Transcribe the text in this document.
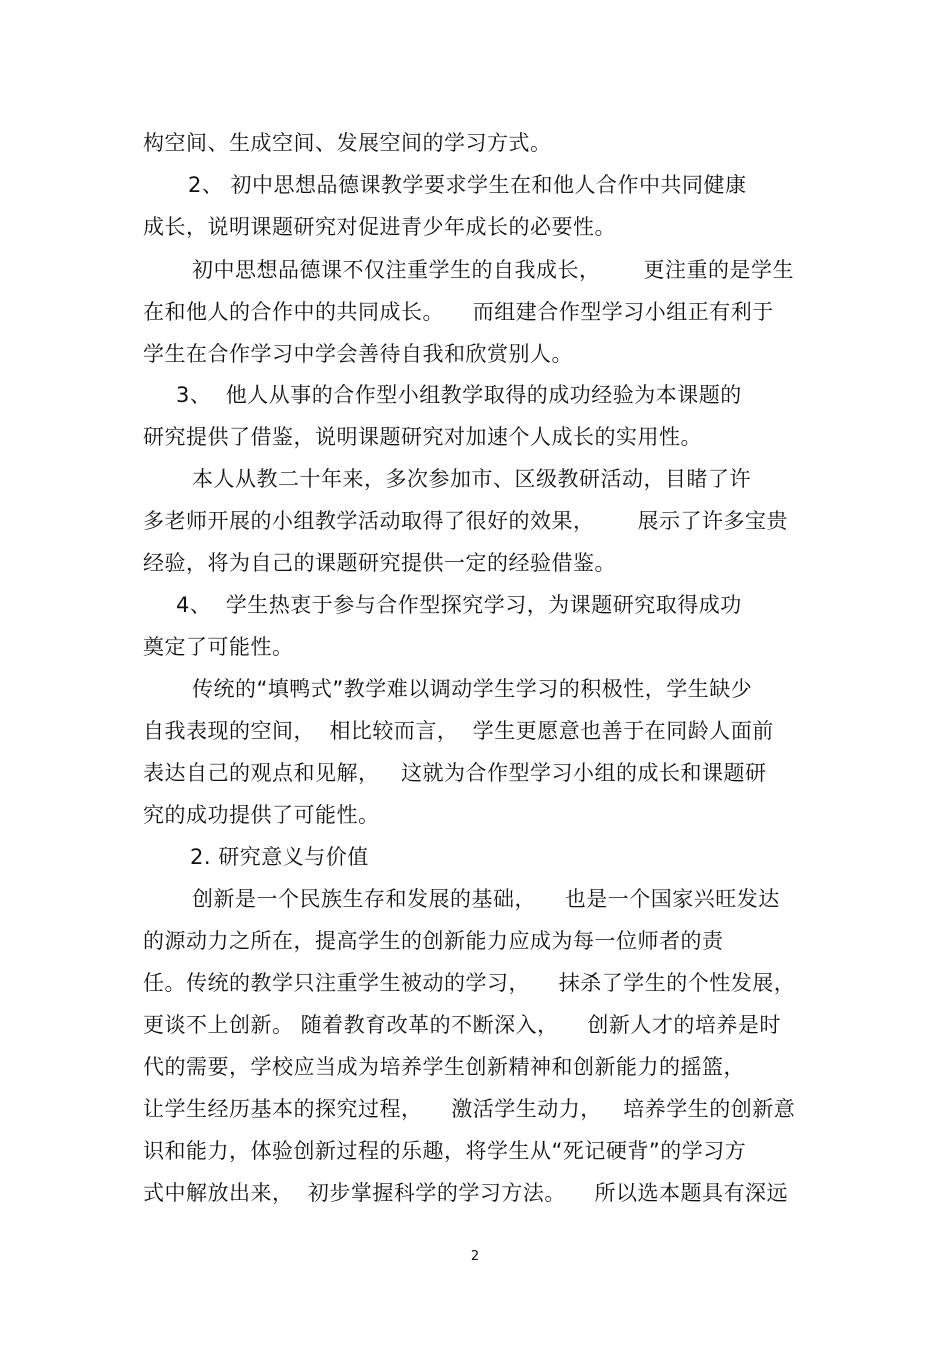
构空间、生成空间、发展空间的学习方式。
2、 初中思想品德课教学要求学生在和他人合作中共同健康
成长，说明课题研究对促进青少年成长的必要性。
初中思想品德课不仅注重学生的自我成长，      更注重的是学生
在和他人的合作中的共同成长。    而组建合作型学习小组正有利于
学生在合作学习中学会善待自我和欣赏别人。
3、  他人从事的合作型小组教学取得的成功经验为本课题的
研究提供了借鉴，说明课题研究对加速个人成长的实用性。
本人从教二十年来，多次参加市、区级教研活动，目睹了许
多老师开展的小组教学活动取得了很好的效果，      展示了许多宝贵
经验，将为自己的课题研究提供一定的经验借鉴。
4、  学生热衷于参与合作型探究学习，为课题研究取得成功
奠定了可能性。
传统的“填鸭式”教学难以调动学生学习的积极性，学生缺少
自我表现的空间，  相比较而言，  学生更愿意也善于在同龄人面前
表达自己的观点和见解，   这就为合作型学习小组的成长和课题研
究的成功提供了可能性。
2. 研究意义与价值
创新是一个民族生存和发展的基础，    也是一个国家兴旺发达
的源动力之所在，提高学生的创新能力应成为每一位师者的责
任。传统的教学只注重学生被动的学习，    抹杀了学生的个性发展，
更谈不上创新。 随着教育改革的不断深入，    创新人才的培养是时
代的需要，学校应当成为培养学生创新精神和创新能力的摇篮，
让学生经历基本的探究过程，    激活学生动力，   培养学生的创新意
识和能力，体验创新过程的乐趣，将学生从“死记硬背”的学习方
式中解放出来，  初步掌握科学的学习方法。    所以选本题具有深远
2
